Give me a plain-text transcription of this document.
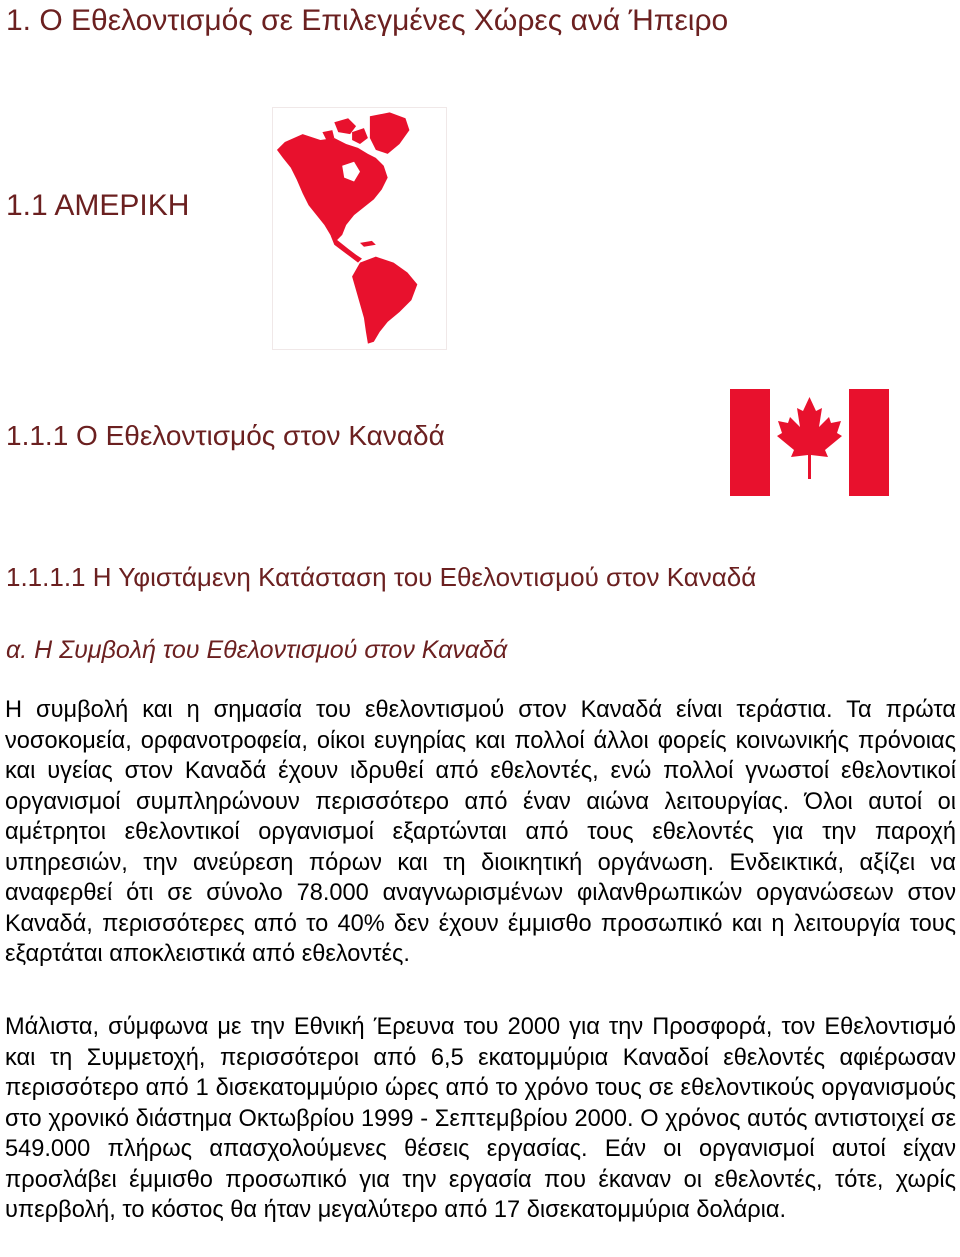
1. Ο Εθελοντισμός σε Επιλεγμένες Χώρες ανά Ήπειρο
1.1 ΑΜΕΡΙΚΗ
1.1.1 Ο Εθελοντισμός στον Καναδά
1.1.1.1 Η Υφιστάμενη Κατάσταση του Εθελοντισμού στον Καναδά
α. Η Συμβολή του Εθελοντισμού στον Καναδά

Η συμβολή και η σημασία του εθελοντισμού στον Καναδά είναι τεράστια. Τα πρώτα νοσοκομεία, ορφανοτροφεία, οίκοι ευγηρίας και πολλοί άλλοι φορείς κοινωνικής πρόνοιας και υγείας στον Καναδά έχουν ιδρυθεί από εθελοντές, ενώ πολλοί γνωστοί εθελοντικοί οργανισμοί συμπληρώνουν περισσότερο από έναν αιώνα λειτουργίας. Όλοι αυτοί οι αμέτρητοι εθελοντικοί οργανισμοί εξαρτώνται από τους εθελοντές για την παροχή υπηρεσιών, την ανεύρεση πόρων και τη διοικητική οργάνωση. Ενδεικτικά, αξίζει να αναφερθεί ότι σε σύνολο 78.000 αναγνωρισμένων φιλανθρωπικών οργανώσεων στον Καναδά, περισσότερες από το 40% δεν έχουν έμμισθο προσωπικό και η λειτουργία τους εξαρτάται αποκλειστικά από εθελοντές.

Μάλιστα, σύμφωνα με την Εθνική Έρευνα του 2000 για την Προσφορά, τον Εθελοντισμό και τη Συμμετοχή, περισσότεροι από 6,5 εκατομμύρια Καναδοί εθελοντές αφιέρωσαν περισσότερο από 1 δισεκατομμύριο ώρες από το χρόνο τους σε εθελοντικούς οργανισμούς στο χρονικό διάστημα Οκτωβρίου 1999 - Σεπτεμβρίου 2000. Ο χρόνος αυτός αντιστοιχεί σε 549.000 πλήρως απασχολούμενες θέσεις εργασίας. Εάν οι οργανισμοί αυτοί είχαν προσλάβει έμμισθο προσωπικό για την εργασία που έκαναν οι εθελοντές, τότε, χωρίς υπερβολή, το κόστος θα ήταν μεγαλύτερο από 17 δισεκατομμύρια δολάρια.
